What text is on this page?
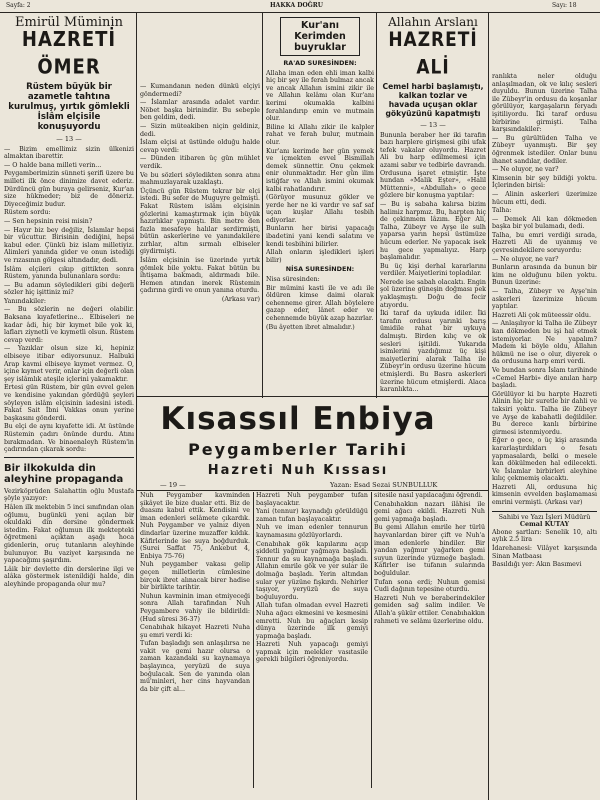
Sayfa: 2	HAKKA DOĞRU	Sayı: 18
Emirül Müminin
HAZRETİ ÖMER
Rüstem büyük bir azametle tahtına kurulmuş, yırtık gömlekli İslâm elçisile konuşuyordu
— 13 —

— Bizim emellimiz sizin ülkenizi almaktan ibarettir.

— O halde bana milleti verin...

Peygamberimizin sünneti şerifi üzere bu milleti ilk önce dinimize davet ederiz. Dürdüncü gün buraya gelirseniz, Kur'an size hükmeder; biz de döneriz. Diyeceğimiz budur.

Rüstem sordu:

— Sen hepsinin reisi misin?

— Hayır biz bey değiliz, İslamlar hepsi bir vücuttur. Birisinin dediğini, hepsi kabul eder. Çünkü biz islam milletiyiz. Alimleri yanında gider ve onun istediği ve rızasının gölgesi altındadır, dedi.

İslâm elçileri çıkıp gittikten sonra Rüstem, yanında bulunanlara sordu:

— Bu adamın söyledikleri gibi değerli sözler hiç işittiniz mi?

Yanındakiler:

— Bu sözlerin ne değeri olabilir. Baksana kıyafetlerine... Elbiseleri ne kadar âdi, hiç bir kıymet bile yok ki, lafları ziynetli ve kıymetli olsun. Rüstem cevap verdi:

— Yazıklar olsun size ki, hepiniz elbiseye itibar ediyorsunuz. Halbuki Arap kavmi elbiseye kıymet vermez. O, içine kıymet verir, onlar için değerli olan şey islâmlık ateşile içlerini yakamaktır.

Ertesi gün Rüstem, bir gün evvel gelen ve kendisine yakından gördüğü şeyleri söyleyen islâm elçisinin iadesini istedi. Fakat Sait İbni Vakkas onun yerine başkasını gönderdi.

Bu elçi de aynı kıyafette idi. At üstünde Rüstemin çadırı önünde durdu. Atını bırakmadan. Ve binaenaleyh Rüstem'in çadırından çıkarak sordu:

Bir ilkokulda din aleyhine propaganda

Vezirköprüden Salahattin oğlu Mustafa şöyle yazıyor:

Hâlen ilk mektebin 5 inci sınıfından olan oğlumu, bugünkü yeni açılan bir okuldaki din dersine göndermek istedim. Fakat oğlumun ilk mektepteki öğretmeni açıktan aşağı hoca gidenlerin, oruç tutanların aleyhinde bulunuyor. Bu vaziyet karşısında ne yapacağımı şaşırdım.

Lâik bir devlette din derslerine ilgi ve alâka göstermek istenildiği halde, din aleyhinde propaganda olur mu?

— Kumandanın neden dünkü elçiyi göndermedi?

— İslamlar arasında adalet vardır. Nöbet başka birinindir. Bu sebeple ben geldim, dedi.

— Sizin müteakiben niçin geldiniz, dedi.

İslam elçisi at üstünde olduğu halde cevap verdi:

— Dünden itibaren üç gün mühlet verdik.

Ve bu sözleri söyledikten sonra atını mahmuzlayarak uzaklaştı.

Üçüncü gün Rüstem tekrar bir elçi istedi. Bu sefer de Muguyre gelmişti. Fakat Rüstem islâm elçisinin gözlerini kamaştırmak için büyük hazırlıklar yapmıştı. Bin metre den fazla mesafeye halılar serdirmişti, bütün askerlerine ve yanındakilere zırhlar, altın sırmalı elbiseler giydirmişti.

İslâm elçisinin ise üzerinde yırtık gömlek bile yoktu. Fakat bütün bu ihtişama bakmadı, aldırmadı bile. Hemen atından inerek Rüstemin çadırına girdi ve onun yanına oturdu.

(Arkası var)
Kur'anı Kerimden buyruklar
RA'AD SURESİNDEN:

Allaha iman eden ehli iman kalbi hiç bir şey ile ferah bulmaz ancak ve ancak Allahın ismini zikir ile ve Allahın kelâmı olan Kur'anı kerimi okumakla kalbini ferahlandırıp emin ve mutmain olur.

Biline ki Allahı zikir ile kalpler rahat ve ferah bulur, mutmain olur.

Kur'anı kerimde her gün yemek ve içmekten evvel Bismillah demek sünnettir. Onu çekmek enir olunmaktadır. Her gün ilim istiğfar ve Allah ismini okumak kalbi rahatlandırır.

(Görüyor musunuz gökler ve yerde her ne ki vardır ve saf saf uçan kuşlar Allahı tesbih ediyorlar.

Bunların her birisi yapacağı ibadetini yani kendi salatını ve kendi tesbihini bilirler.

Allah onların işledikleri işleri bilir)

NİSA SURESİNDEN:

Nisa süresinden:

Bir mümini kasti ile ve adı ile öldüren kimse daimi olarak cehenneme girer. Allah böylelere gazap eder, lânet eder ve cehennemde büyük azap hazırlar.

(Bu âyetten ibret almalıdır.)

Allahın Arslanı
HAZRETİ ALİ
Cemel harbi başlamıştı, kalkan tozlar ve havada uçuşan oklar gökyüzünü kapatmıştı
— 13 —

Bununla beraber her iki tarafın bazı harplere girişmesi gibi ufak tefek vakalar oluyordu. Hazret Ali bu harp edilmemesi için azami sabır ve tedbirle davrandı. Ordusuna işaret etmiştir. İşte hundan «Malik Eşter», «Halil Müttenni», «Abdullah» o gece gözlere bir konuşma yaptılar:

— Bu iş sabaha kalırsa bizim halimiz harpmız. Bu, harpten hiç de çekinmem lâzım. Eğer Ali, Talha, Zübeyr ve Ayşe ile sulh yaparsa yarın hepsi üstümüze hücum ederler. Ne yapacak isek hu gece yapmalıyız. Harp başlamalıdır.

Bu üç kişi derhal kararlarını verdiler. Maiyetlerini topladılar.

Nerede ise sabah olacaktı. Engin şol üzerine güneşin doğması pek yaklaşmıştı. Doğu de fecir atıyordu.

İki taraf da uykuda idiler. İki tarafın ordusu yarınki barış ümidile rahat bir uykuya dalmıştı. Birden kılıç ve ok sesleri işitildi. Yukarıda isimlerini yazdığımız üç kişi maiyetlerini alarak Talha ile Zübeyr'in ordusu üzerine hücum etmişlerdi. Bu Basra askerleri üzerine hücum etmişlerdi. Alaca karanlıkta...

ranlıkta neler olduğu anlaşılmadan, ok ve kılıç sesleri duyuldu. Bunun üzerine Talha ile Zübeyr'in ordusu da koşanlar görülüyor, kargaşaların feryadı işitiliyordu. İki taraf ordusu birbirine girmişti. Talha karşısındakiler:

— Bu gürültüden Talha ve Zübeyr uyanmıştı. Bir şey öğrenmek istediler. Onlar bunu ihanet sandılar, dediler.

— Ne oluyor, ne var?

Kimsenin bir şey bildiği yoktu. İçlerinden birisi:

— Alinin askerleri üzerimize hücum etti, dedi.

Talha:

— Demek Ali kan dökmeden başka bir yol bulamadı, dedi.

Talha, bu emri verdiği sırada, Hazreti Ali de uyanmış ve çevresindekilere soruyordu:

— Ne oluyor, ne var?

Bunların arasında da bunun bir kim ne olduğunu bilen yoktu. Bunun üzerine:

— Talha, Zübeyr ve Ayşe'nin askerleri üzerimize hücum yaptılar.

Hazreti Ali çok müteessir oldu.

— Anlaşılıyor ki Talha ile Zübeyr kan dökmeden bu işi hal etmek istemiyorlar. Ne yapalım? Madem ki böyle oldu, Allahın hükmü ne ise o olur, diyerek o da ordusuna harp emri verdi.

Ve bundan sonra İslam tarihinde «Cemel Harbi» diye anılan harp başladı.

Görülüyor ki bu harpte Hazreti Alinin hiç bir suretle bir dahli ve taksiri yoktu. Talha ile Zübeyr ve Ayşe de kabahatli değildiler. Bu derece kanlı birbirine girmesi istenmiyordu.

Eğer o gece, o üç kişi arasında kararlaştırdıkları o fesatı yapmasalardı, belki o mesele kan dökülmeden hal edilecekti. Ve İslamlar birbirleri aleyhine kılıç çekmemiş olacaktı.

Hazreti Ali, ordusuna hiç kimsenin evvelden başlamaması emrini vermişti. (Arkası var)

Sahibi ve Yazı İşleri Müdürü
Cemal KUTAY

Abone şartları: Senelik 10, altı aylık 2.5 lira

İdarehanesi: Vilâyet karşısında Sinan Matbaası

Basıldığı yer: Akın Basımevi

Kısassıl Enbiya
Peygamberler Tarihi
Hazreti Nuh Kıssası
— 19 —	Yazan: Esad Sezai SUNBULLUK

Nuh Peygamber kavminden şikâyet ile bize dualar etti. Biz de duasını kabul ettik. Kendisini ve iman edenleri selâmete çıkardık. Nuh Peygamber ve yalnız diyen dindarlar üzerine muzaffer kıldık. Kâfirlerinde ise suya boğdurduk. (Surei Saffat 75, Ankebut 4, Enbiya 75-76)

Nuh peygamber vakası gelip geçen milletlerin cümlesine birçok ibret alınacak birer hadise bir birlikte tarihtir.

Nuhun kavminin iman etmiyeceği sonra Allah tarafından Nuh Peygambere vahiy ile bildirildi: (Hud süresi 36-37)

Cenabıhak hikayet Hazreti Nuha şu emri verdi ki:

Tufan başladığı sen anlaşılırsa ne vakit ve gemi hazır olursa o zaman kazandaki su kaynamaya başlayınca, yeryüzü de suya boğulacak. Sen de yanında olan mü'minleri, her cins hayvandan da bir çift al...

Hazreti Nuh peygamber tufan başlayacaktır.

Yani (tennur) kaynadığı görüldüğü zaman tufan başlayacaktır.

Nuh ve iman edenler tennurun kaynamasını gözlüyorlardı.

Cenabıhak gök kapılarını açıp şiddetli yağmur yağmaya başladı. Tennur da su kaynamağa başladı. Allahın emrile gök ve yer sular ile dolmağa başladı. Yerin altından sular yer yüzüne fışkırdı. Nehirler taşıyor, yeryüzü de suya boğuluyordu.

Allah tufan olmadan evvel Hazreti Nuha ağacı ekmesini ve kesmesini emretti. Nuh bu ağaçları kesip dünya üzerinde ilk gemiyi yapmağa başladı.

Hazreti Nuh yapacağı gemiyi yapmak için melekler vasıtasile gerekli bilgileri öğreniyordu.

sitesile nasıl yapılacağını öğrendi.

Cenabıhakkın nazarı ilâhisi ile gemi ağacı ekildi. Hazreti Nuh gemi yapmağa başladı.

Bu gemi Allahın emrile her türlü hayvanlardan birer çift ve Nuh'a iman edenlerle bindiler. Bir yandan yağmur yağarken gemi suyun üzerinde yüzmeğe başladı. Kâfirler ise tufanın sularında boğuldular.

Tufan sona erdi; Nuhun gemisi Cudi dağının tepesine oturdu.

Hazreti Nuh ve beraberindekiler gemiden sağ salim indiler. Ve Allah'a şükür ettiler. Cenabıhakkın rahmeti ve selâmı üzerlerine oldu.
